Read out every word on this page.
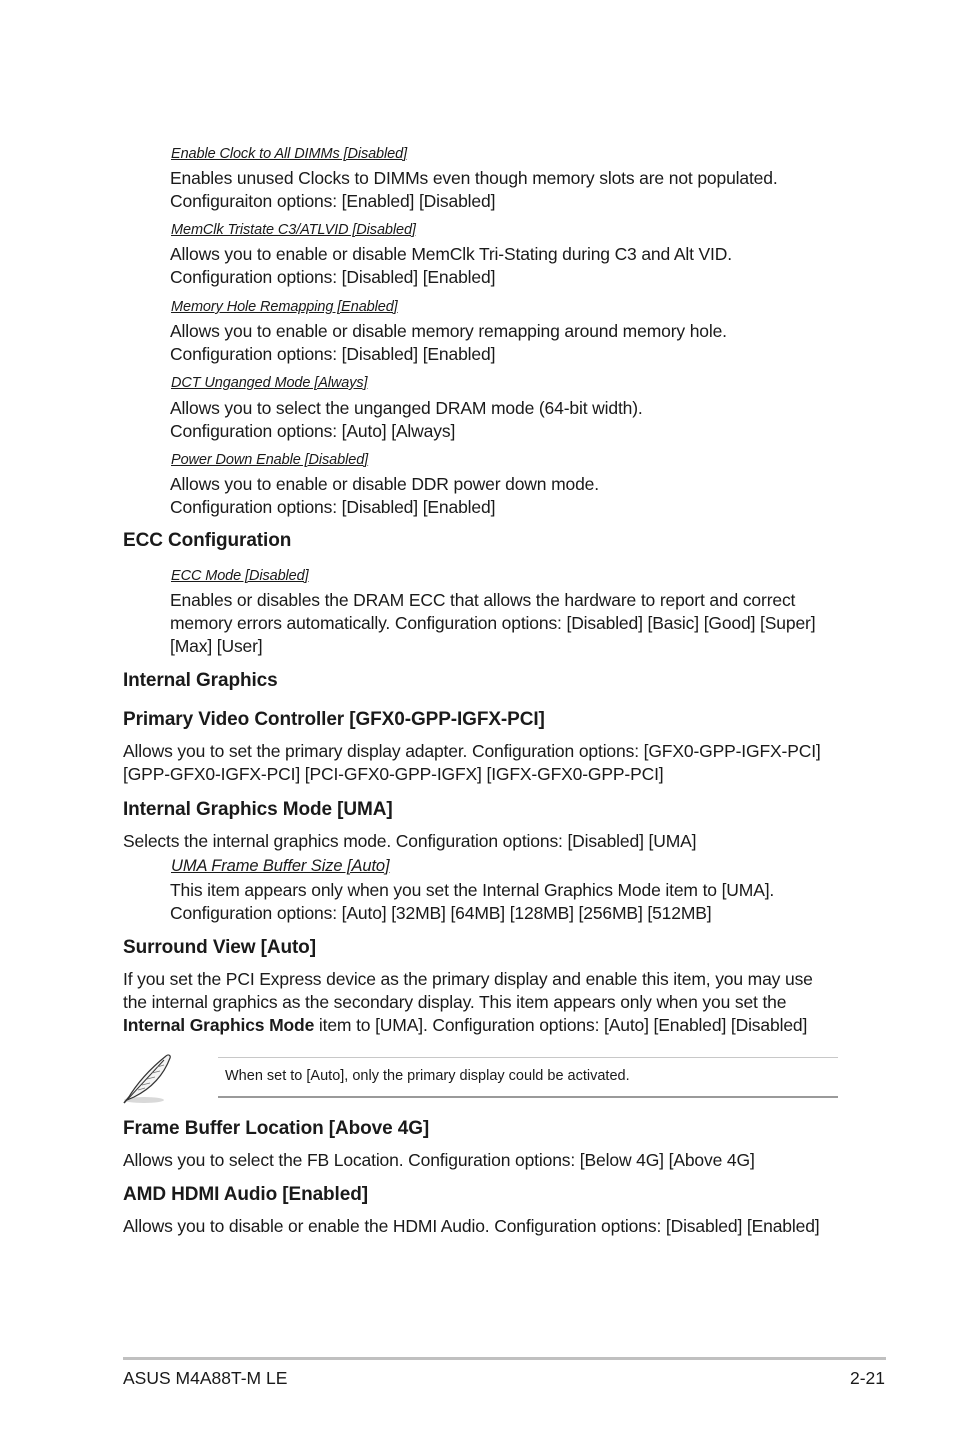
Enable Clock to All DIMMs [Disabled]
Enables unused Clocks to DIMMs even though memory slots are not populated.
Configuraiton options: [Enabled] [Disabled]
MemClk Tristate C3/ATLVID [Disabled]
Allows you to enable or disable MemClk Tri-Stating during C3 and Alt VID.
Configuration options: [Disabled] [Enabled]
Memory Hole Remapping [Enabled]
Allows you to enable or disable memory remapping around memory hole.
Configuration options: [Disabled] [Enabled]
DCT Unganged Mode [Always]
Allows you to select the unganged DRAM mode (64-bit width).
Configuration options: [Auto] [Always]
Power Down Enable [Disabled]
Allows you to enable or disable DDR power down mode.
Configuration options: [Disabled] [Enabled]
ECC Configuration
ECC Mode [Disabled]
Enables or disables the DRAM ECC that allows the hardware to report and correct
memory errors automatically. Configuration options: [Disabled] [Basic] [Good] [Super]
[Max] [User]
Internal Graphics
Primary Video Controller [GFX0-GPP-IGFX-PCI]
Allows you to set the primary display adapter. Configuration options: [GFX0-GPP-IGFX-PCI]
[GPP-GFX0-IGFX-PCI] [PCI-GFX0-GPP-IGFX] [IGFX-GFX0-GPP-PCI]
Internal Graphics Mode [UMA]
Selects the internal graphics mode. Configuration options: [Disabled] [UMA]
UMA Frame Buffer Size [Auto]
This item appears only when you set the Internal Graphics Mode item to [UMA].
Configuration options: [Auto] [32MB] [64MB] [128MB] [256MB] [512MB]
Surround View [Auto]
If you set the PCI Express device as the primary display and enable this item, you may use
the internal graphics as the secondary display. This item appears only when you set the
Internal Graphics Mode item to [UMA]. Configuration options: [Auto] [Enabled] [Disabled]
When set to [Auto], only the primary display could be activated.
Frame Buffer Location [Above 4G]
Allows you to select the FB Location. Configuration options: [Below 4G] [Above 4G]
AMD HDMI Audio [Enabled]
Allows you to disable or enable the HDMI Audio. Configuration options: [Disabled] [Enabled]
ASUS M4A88T-M LE	2-21
